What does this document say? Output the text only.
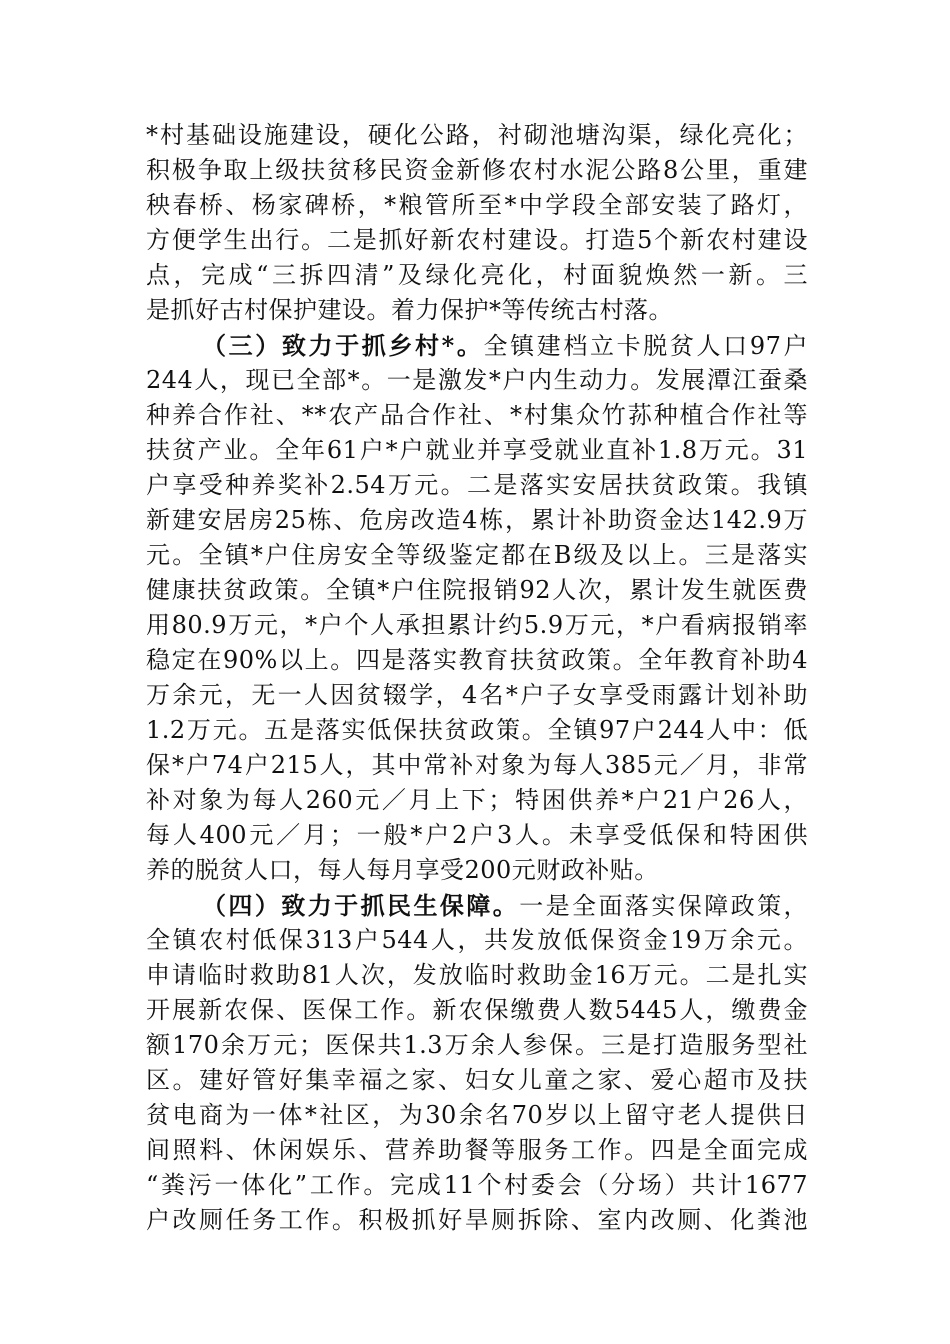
*村基础设施建设，硬化公路，衬砌池塘沟渠，绿化亮化；
积极争取上级扶贫移民资金新修农村水泥公路8公里，重建
秧春桥、杨家碑桥，*粮管所至*中学段全部安装了路灯，
方便学生出行。二是抓好新农村建设。打造5个新农村建设
点，完成“三拆四清”及绿化亮化，村面貌焕然一新。三
是抓好古村保护建设。着力保护*等传统古村落。
（三）致力于抓乡村*。全镇建档立卡脱贫人口97户
244人，现已全部*。一是激发*户内生动力。发展潭江蚕桑
种养合作社、**农产品合作社、*村集众竹荪种植合作社等
扶贫产业。全年61户*户就业并享受就业直补1.8万元。31
户享受种养奖补2.54万元。二是落实安居扶贫政策。我镇
新建安居房25栋、危房改造4栋，累计补助资金达142.9万
元。全镇*户住房安全等级鉴定都在B级及以上。三是落实
健康扶贫政策。全镇*户住院报销92人次，累计发生就医费
用80.9万元，*户个人承担累计约5.9万元，*户看病报销率
稳定在90%以上。四是落实教育扶贫政策。全年教育补助4
万余元，无一人因贫辍学，4名*户子女享受雨露计划补助
1.2万元。五是落实低保扶贫政策。全镇97户244人中：低
保*户74户215人，其中常补对象为每人385元／月，非常
补对象为每人260元／月上下；特困供养*户21户26人，
每人400元／月；一般*户2户3人。未享受低保和特困供
养的脱贫人口，每人每月享受200元财政补贴。
（四）致力于抓民生保障。一是全面落实保障政策，
全镇农村低保313户544人，共发放低保资金19万余元。
申请临时救助81人次，发放临时救助金16万元。二是扎实
开展新农保、医保工作。新农保缴费人数5445人，缴费金
额170余万元；医保共1.3万余人参保。三是打造服务型社
区。建好管好集幸福之家、妇女儿童之家、爱心超市及扶
贫电商为一体*社区，为30余名70岁以上留守老人提供日
间照料、休闲娱乐、营养助餐等服务工作。四是全面完成
“粪污一体化”工作。完成11个村委会（分场）共计1677
户改厕任务工作。积极抓好旱厕拆除、室内改厕、化粪池
